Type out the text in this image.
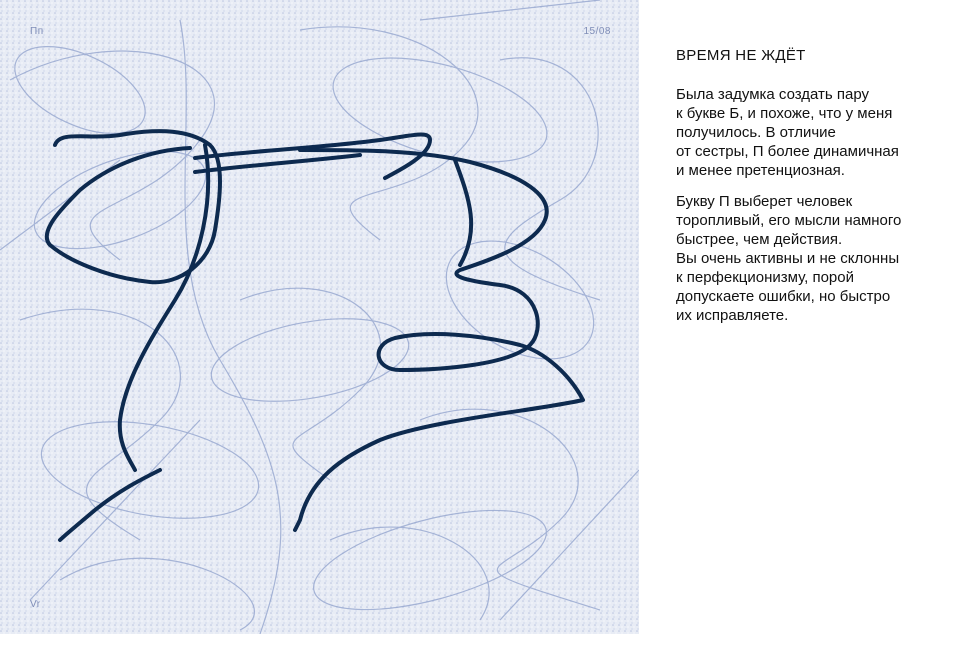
Пп	15/08
Vr
ВРЕМЯ НЕ ЖДЁТ

Была задумка создать пару
к букве Б, и похоже, что у меня
получилось. В отличие
от сестры, П более динамичная
и менее претенциозная.

Букву П выберет человек
торопливый, его мысли намного
быстрее, чем действия.
Вы очень активны и не склонны
к перфекционизму, порой
допускаете ошибки, но быстро
их исправляете.
